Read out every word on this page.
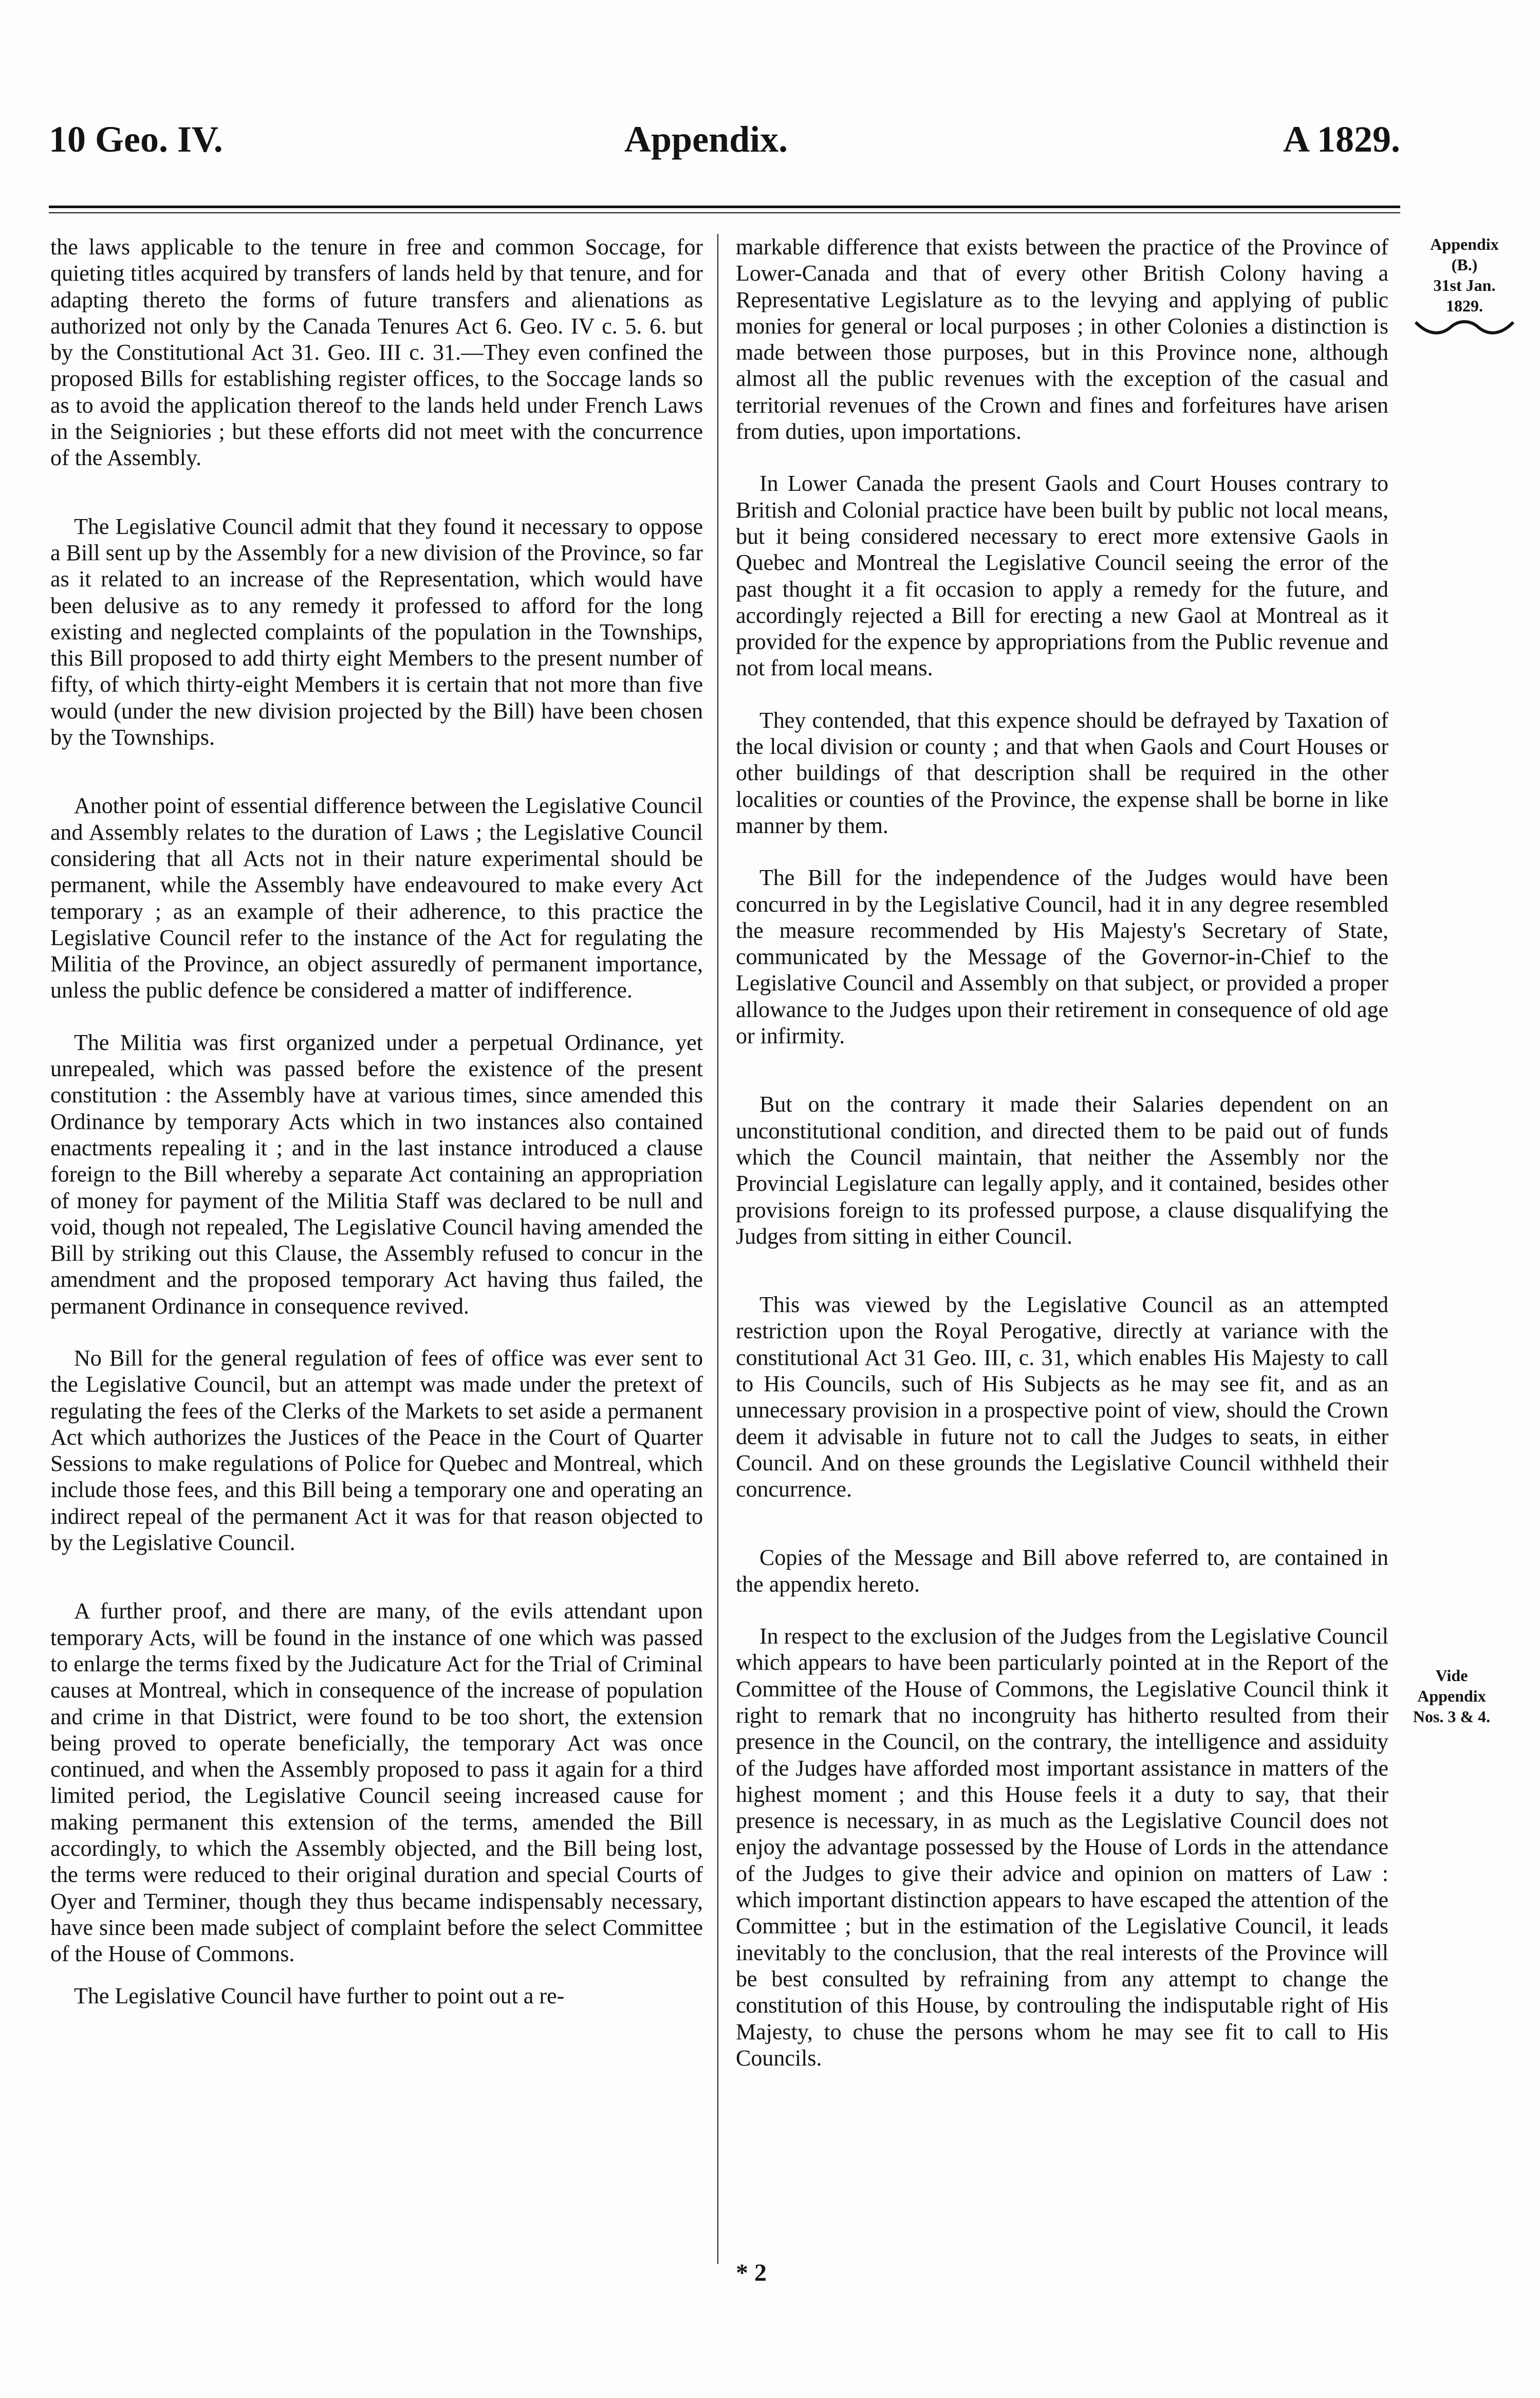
10 Geo. IV.	Appendix.	A 1829.

the laws applicable to the tenure in free and common Soccage, for quieting titles acquired by transfers of lands held by that tenure, and for adapting thereto the forms of future transfers and alienations as authorized not only by the Canada Tenures Act 6. Geo. IV c. 5. 6. but by the Constitutional Act 31. Geo. III c. 31.—They even confined the proposed Bills for establishing register offices, to the Soccage lands so as to avoid the application thereof to the lands held under French Laws in the Seigniories ; but these efforts did not meet with the concurrence of the Assembly.

The Legislative Council admit that they found it necessary to oppose a Bill sent up by the Assembly for a new division of the Province, so far as it related to an increase of the Representation, which would have been delusive as to any remedy it professed to afford for the long existing and neglected complaints of the population in the Townships, this Bill proposed to add thirty eight Members to the present number of fifty, of which thirty-eight Members it is certain that not more than five would (under the new division projected by the Bill) have been chosen by the Townships.

Another point of essential difference between the Legislative Council and Assembly relates to the duration of Laws ; the Legislative Council considering that all Acts not in their nature experimental should be permanent, while the Assembly have endeavoured to make every Act temporary ; as an example of their adherence, to this practice the Legislative Council refer to the instance of the Act for regulating the Militia of the Province, an object assuredly of permanent importance, unless the public defence be considered a matter of indifference.

The Militia was first organized under a perpetual Ordinance, yet unrepealed, which was passed before the existence of the present constitution : the Assembly have at various times, since amended this Ordinance by temporary Acts which in two instances also contained enactments repealing it ; and in the last instance introduced a clause foreign to the Bill whereby a separate Act containing an appropriation of money for payment of the Militia Staff was declared to be null and void, though not repealed, The Legislative Council having amended the Bill by striking out this Clause, the Assembly refused to concur in the amendment and the proposed temporary Act having thus failed, the permanent Ordinance in consequence revived.

No Bill for the general regulation of fees of office was ever sent to the Legislative Council, but an attempt was made under the pretext of regulating the fees of the Clerks of the Markets to set aside a permanent Act which authorizes the Justices of the Peace in the Court of Quarter Sessions to make regulations of Police for Quebec and Montreal, which include those fees, and this Bill being a temporary one and operating an indirect repeal of the permanent Act it was for that reason objected to by the Legislative Council.

A further proof, and there are many, of the evils attendant upon temporary Acts, will be found in the instance of one which was passed to enlarge the terms fixed by the Judicature Act for the Trial of Criminal causes at Montreal, which in consequence of the increase of population and crime in that District, were found to be too short, the extension being proved to operate beneficially, the temporary Act was once continued, and when the Assembly proposed to pass it again for a third limited period, the Legislative Council seeing increased cause for making permanent this extension of the terms, amended the Bill accordingly, to which the Assembly objected, and the Bill being lost, the terms were reduced to their original duration and special Courts of Oyer and Terminer, though they thus became indispensably necessary, have since been made subject of complaint before the select Committee of the House of Commons.

The Legislative Council have further to point out a re-

markable difference that exists between the practice of the Province of Lower-Canada and that of every other British Colony having a Representative Legislature as to the levying and applying of public monies for general or local purposes ; in other Colonies a distinction is made between those purposes, but in this Province none, although almost all the public revenues with the exception of the casual and territorial revenues of the Crown and fines and forfeitures have arisen from duties, upon importations.

In Lower Canada the present Gaols and Court Houses contrary to British and Colonial practice have been built by public not local means, but it being considered necessary to erect more extensive Gaols in Quebec and Montreal the Legislative Council seeing the error of the past thought it a fit occasion to apply a remedy for the future, and accordingly rejected a Bill for erecting a new Gaol at Montreal as it provided for the expence by appropriations from the Public revenue and not from local means.

They contended, that this expence should be defrayed by Taxation of the local division or county ; and that when Gaols and Court Houses or other buildings of that description shall be required in the other localities or counties of the Province, the expense shall be borne in like manner by them.

The Bill for the independence of the Judges would have been concurred in by the Legislative Council, had it in any degree resembled the measure recommended by His Majesty's Secretary of State, communicated by the Message of the Governor-in-Chief to the Legislative Council and Assembly on that subject, or provided a proper allowance to the Judges upon their retirement in consequence of old age or infirmity.

But on the contrary it made their Salaries dependent on an unconstitutional condition, and directed them to be paid out of funds which the Council maintain, that neither the Assembly nor the Provincial Legislature can legally apply, and it contained, besides other provisions foreign to its professed purpose, a clause disqualifying the Judges from sitting in either Council.

This was viewed by the Legislative Council as an attempted restriction upon the Royal Perogative, directly at variance with the constitutional Act 31 Geo. III, c. 31, which enables His Majesty to call to His Councils, such of His Subjects as he may see fit, and as an unnecessary provision in a prospective point of view, should the Crown deem it advisable in future not to call the Judges to seats, in either Council. And on these grounds the Legislative Council withheld their concurrence.

Copies of the Message and Bill above referred to, are contained in the appendix hereto.

In respect to the exclusion of the Judges from the Legislative Council which appears to have been particularly pointed at in the Report of the Committee of the House of Commons, the Legislative Council think it right to remark that no incongruity has hitherto resulted from their presence in the Council, on the contrary, the intelligence and assiduity of the Judges have afforded most important assistance in matters of the highest moment ; and this House feels it a duty to say, that their presence is necessary, in as much as the Legislative Council does not enjoy the advantage possessed by the House of Lords in the attendance of the Judges to give their advice and opinion on matters of Law : which important distinction appears to have escaped the attention of the Committee ; but in the estimation of the Legislative Council, it leads inevitably to the conclusion, that the real interests of the Province will be best consulted by refraining from any attempt to change the constitution of this House, by controuling the indisputable right of His Majesty, to chuse the persons whom he may see fit to call to His Councils.

Appendix
(B.)
31st Jan.
1829.
Vide
Appendix
Nos. 3 & 4.
* 2
